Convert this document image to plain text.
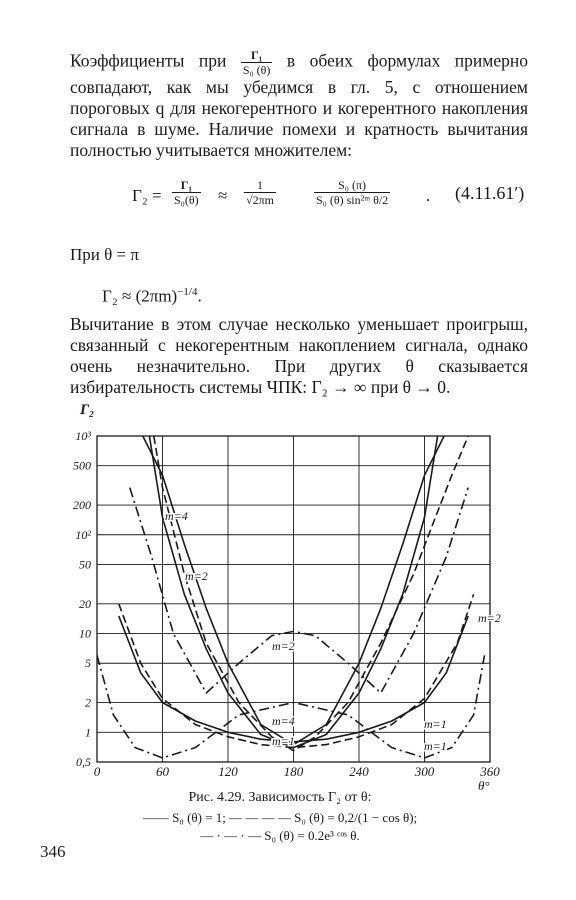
Коэффициенты при $\frac{\text{Г₁}}{\text{S₀ (θ)}}$ в обеих формулах примерно совпадают, как мы убедимся в гл. 5, с отношением пороговых q для некогерентного и когерентного накопления сигнала в шуме. Наличие помехи и кратность вычитания полностью учитывается множителем:

Г₂ =
Г₁
$S_0(\theta) \approx \frac{1}{√2\pi m}$	$\frac{\text{S₀ (π)}}{\text{S₀ (θ) sin²ᵐ θ/2}}$ . (4.11.61′)
При θ = π
$Г_2 \approx (2\pi m)^{-1/4}$.

Вычитание в этом случае несколько уменьшает проигрыш, связанный с некогерентным накоплением сигнала, однако очень незначительно. При других θ сказывается избирательность системы ЧПК: Г₂ → ∞ при θ → 0.

0	60	120	180	240	300	360
0,5
1
2
5
10
20
50
10²
200
500
10³
Г₂
θ°
m=4
m=2
m=2
m=2
m=4
m=1
m=1
m=1
Рис. 4.29. Зависимость Г₂ от θ:
—— S₀ (θ) = 1; — — — — S₀ (θ) = 0,2/(1 − cos θ);
— · — · — S₀ (θ) = 0.2e³ ᶜᵒˢ θ.
346
